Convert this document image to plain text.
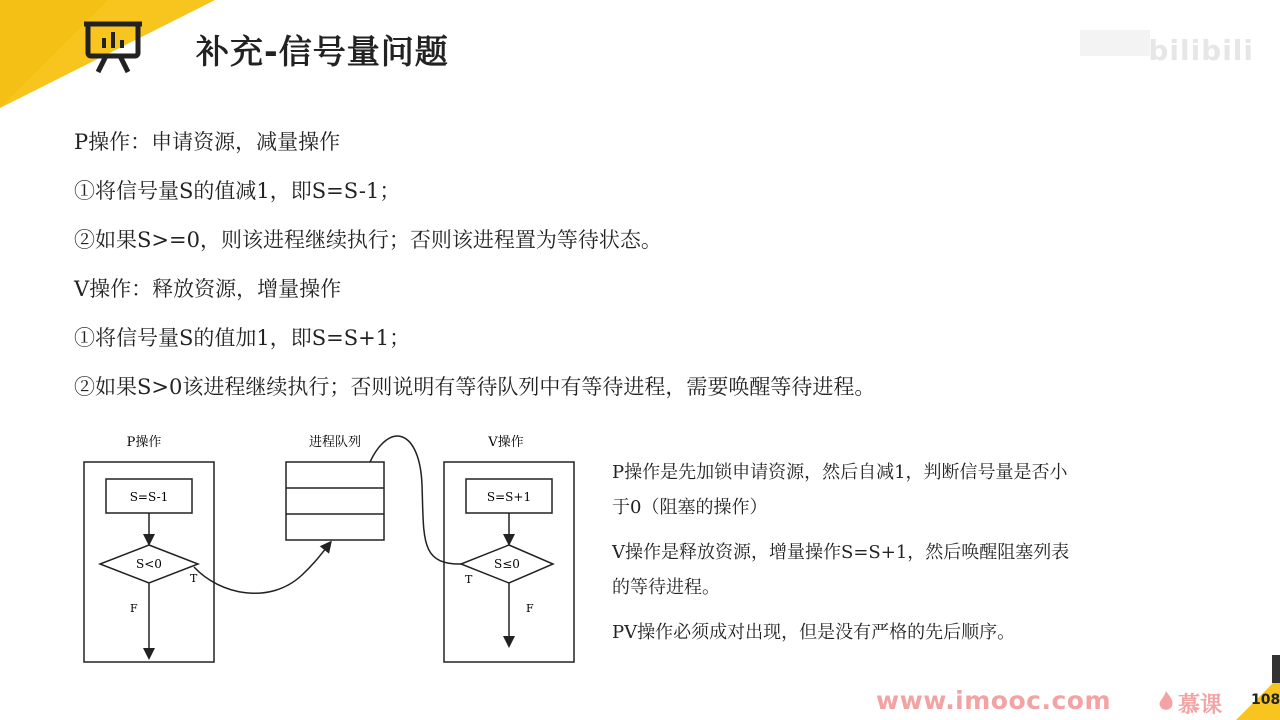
补充-信号量问题	bilibili
P操作：申请资源，减量操作
①将信号量S的值减1，即S=S-1；
②如果S>=0，则该进程继续执行；否则该进程置为等待状态。
V操作：释放资源，增量操作
①将信号量S的值加1，即S=S+1；
②如果S>0该进程继续执行；否则说明有等待队列中有等待进程，需要唤醒等待进程。
P操作
S=S-1
S<0
T
F
进程队列	V操作
S=S+1
S≤0
T
F
P操作是先加锁申请资源，然后自减1，判断信号量是否小于0（阻塞的操作）
V操作是释放资源，增量操作S=S+1，然后唤醒阻塞列表的等待进程。
PV操作必须成对出现，但是没有严格的先后顺序。
www.imooc.com	慕课 108
